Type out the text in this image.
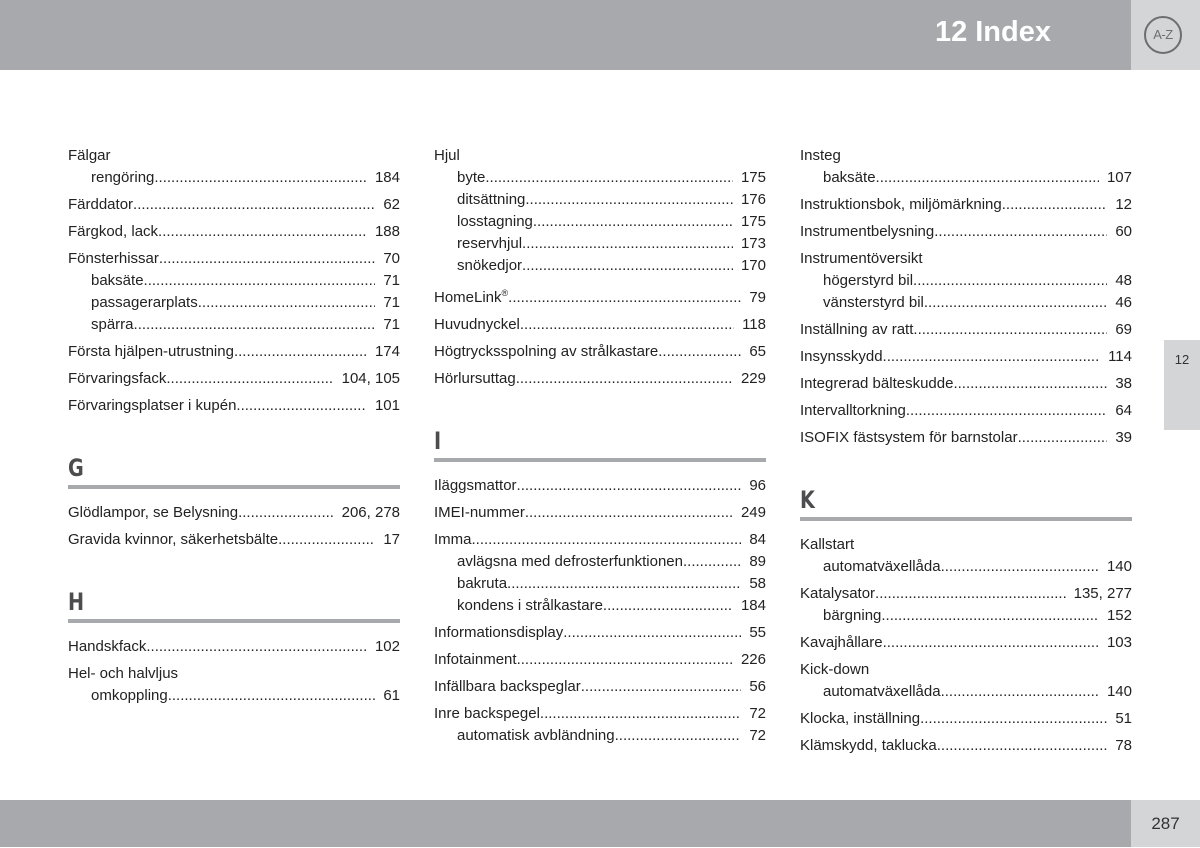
12 Index	A-Z
12
Fälgar
rengöring .....	184
Färddator .....	62
Färgkod, lack .....	188
Fönsterhissar .....	70
baksäte .....	71
passagerarplats .....	71
spärra .....	71
Första hjälpen-utrustning .....	174
Förvaringsfack .....	104, 105
Förvaringsplatser i kupén .....	101
G
Glödlampor, se Belysning .....	206, 278
Gravida kvinnor, säkerhetsbälte .....	17
H
Handskfack .....	102
Hel- och halvljus
omkoppling .....	61
Hjul
byte .....	175
ditsättning .....	176
losstagning .....	175
reservhjul .....	173
snökedjor .....	170
HomeLink® .....	79
Huvudnyckel .....	118
Högtrycksspolning av strålkastare .....	65
Hörlursuttag .....	229
I
Iläggsmattor .....	96
IMEI-nummer .....	249
Imma .....	84
avlägsna med defrosterfunktionen .....	89
bakruta .....	58
kondens i strålkastare .....	184
Informationsdisplay .....	55
Infotainment .....	226
Infällbara backspeglar .....	56
Inre backspegel .....	72
automatisk avbländning .....	72
Insteg
baksäte .....	107
Instruktionsbok, miljömärkning .....	12
Instrumentbelysning .....	60
Instrumentöversikt
högerstyrd bil .....	48
vänsterstyrd bil .....	46
Inställning av ratt .....	69
Insynsskydd .....	114
Integrerad bälteskudde .....	38
Intervalltorkning .....	64
ISOFIX fästsystem för barnstolar .....	39
K
Kallstart
automatväxellåda .....	140
Katalysator .....	135, 277
bärgning .....	152
Kavajhållare .....	103
Kick-down
automatväxellåda .....	140
Klocka, inställning .....	51
Klämskydd, taklucka .....	78
287
